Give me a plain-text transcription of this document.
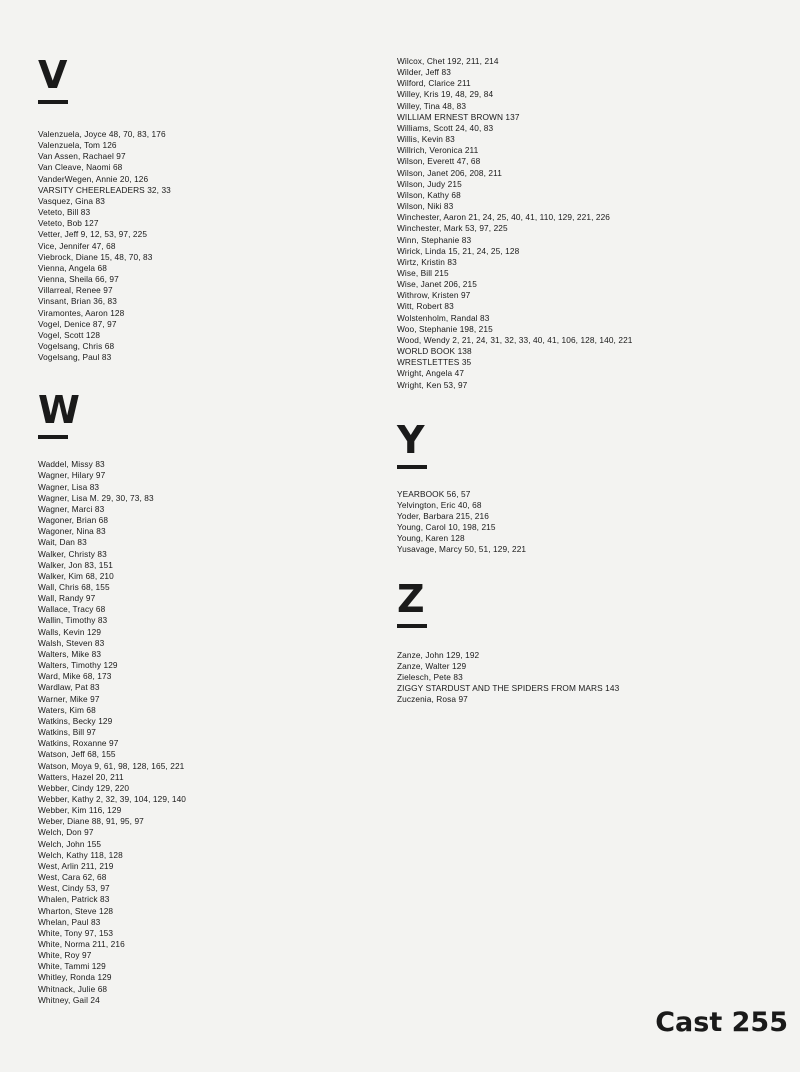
V
Valenzuela, Joyce 48, 70, 83, 176
Valenzuela, Tom 126
Van Assen, Rachael 97
Van Cleave, Naomi 68
VanderWegen, Annie 20, 126
VARSITY CHEERLEADERS 32, 33
Vasquez, Gina 83
Veteto, Bill 83
Veteto, Bob 127
Vetter, Jeff 9, 12, 53, 97, 225
Vice, Jennifer 47, 68
Viebrock, Diane 15, 48, 70, 83
Vienna, Angela 68
Vienna, Sheila 66, 97
Villarreal, Renee 97
Vinsant, Brian 36, 83
Viramontes, Aaron 128
Vogel, Denice 87, 97
Vogel, Scott 128
Vogelsang, Chris 68
Vogelsang, Paul 83
W
Waddel, Missy 83
Wagner, Hilary 97
Wagner, Lisa 83
Wagner, Lisa M. 29, 30, 73, 83
Wagner, Marci 83
Wagoner, Brian 68
Wagoner, Nina 83
Wait, Dan 83
Walker, Christy 83
Walker, Jon 83, 151
Walker, Kim 68, 210
Wall, Chris 68, 155
Wall, Randy 97
Wallace, Tracy 68
Wallin, Timothy 83
Walls, Kevin 129
Walsh, Steven 83
Walters, Mike 83
Walters, Timothy 129
Ward, Mike 68, 173
Wardlaw, Pat 83
Warner, Mike 97
Waters, Kim 68
Watkins, Becky 129
Watkins, Bill 97
Watkins, Roxanne 97
Watson, Jeff 68, 155
Watson, Moya 9, 61, 98, 128, 165, 221
Watters, Hazel 20, 211
Webber, Cindy 129, 220
Webber, Kathy 2, 32, 39, 104, 129, 140
Webber, Kim 116, 129
Weber, Diane 88, 91, 95, 97
Welch, Don 97
Welch, John 155
Welch, Kathy 118, 128
West, Arlin 211, 219
West, Cara 62, 68
West, Cindy 53, 97
Whalen, Patrick 83
Wharton, Steve 128
Whelan, Paul 83
White, Tony 97, 153
White, Norma 211, 216
White, Roy 97
White, Tammi 129
Whitley, Ronda 129
Whitnack, Julie 68
Whitney, Gail 24
Wilcox, Chet 192, 211, 214
Wilder, Jeff 83
Wilford, Clarice 211
Willey, Kris 19, 48, 29, 84
Willey, Tina 48, 83
WILLIAM ERNEST BROWN 137
Williams, Scott 24, 40, 83
Willis, Kevin 83
Willrich, Veronica 211
Wilson, Everett 47, 68
Wilson, Janet 206, 208, 211
Wilson, Judy 215
Wilson, Kathy 68
Wilson, Niki 83
Winchester, Aaron 21, 24, 25, 40, 41, 110, 129, 221, 226
Winchester, Mark 53, 97, 225
Winn, Stephanie 83
Wirick, Linda 15, 21, 24, 25, 128
Wirtz, Kristin 83
Wise, Bill 215
Wise, Janet 206, 215
Withrow, Kristen 97
Witt, Robert 83
Wolstenholm, Randal 83
Woo, Stephanie 198, 215
Wood, Wendy 2, 21, 24, 31, 32, 33, 40, 41, 106, 128, 140, 221
WORLD BOOK 138
WRESTLETTES 35
Wright, Angela 47
Wright, Ken 53, 97
Y
YEARBOOK 56, 57
Yelvington, Eric 40, 68
Yoder, Barbara 215, 216
Young, Carol 10, 198, 215
Young, Karen 128
Yusavage, Marcy 50, 51, 129, 221
Z
Zanze, John 129, 192
Zanze, Walter 129
Zielesch, Pete 83
ZIGGY STARDUST AND THE SPIDERS FROM MARS 143
Zuczenia, Rosa 97
Cast 255
